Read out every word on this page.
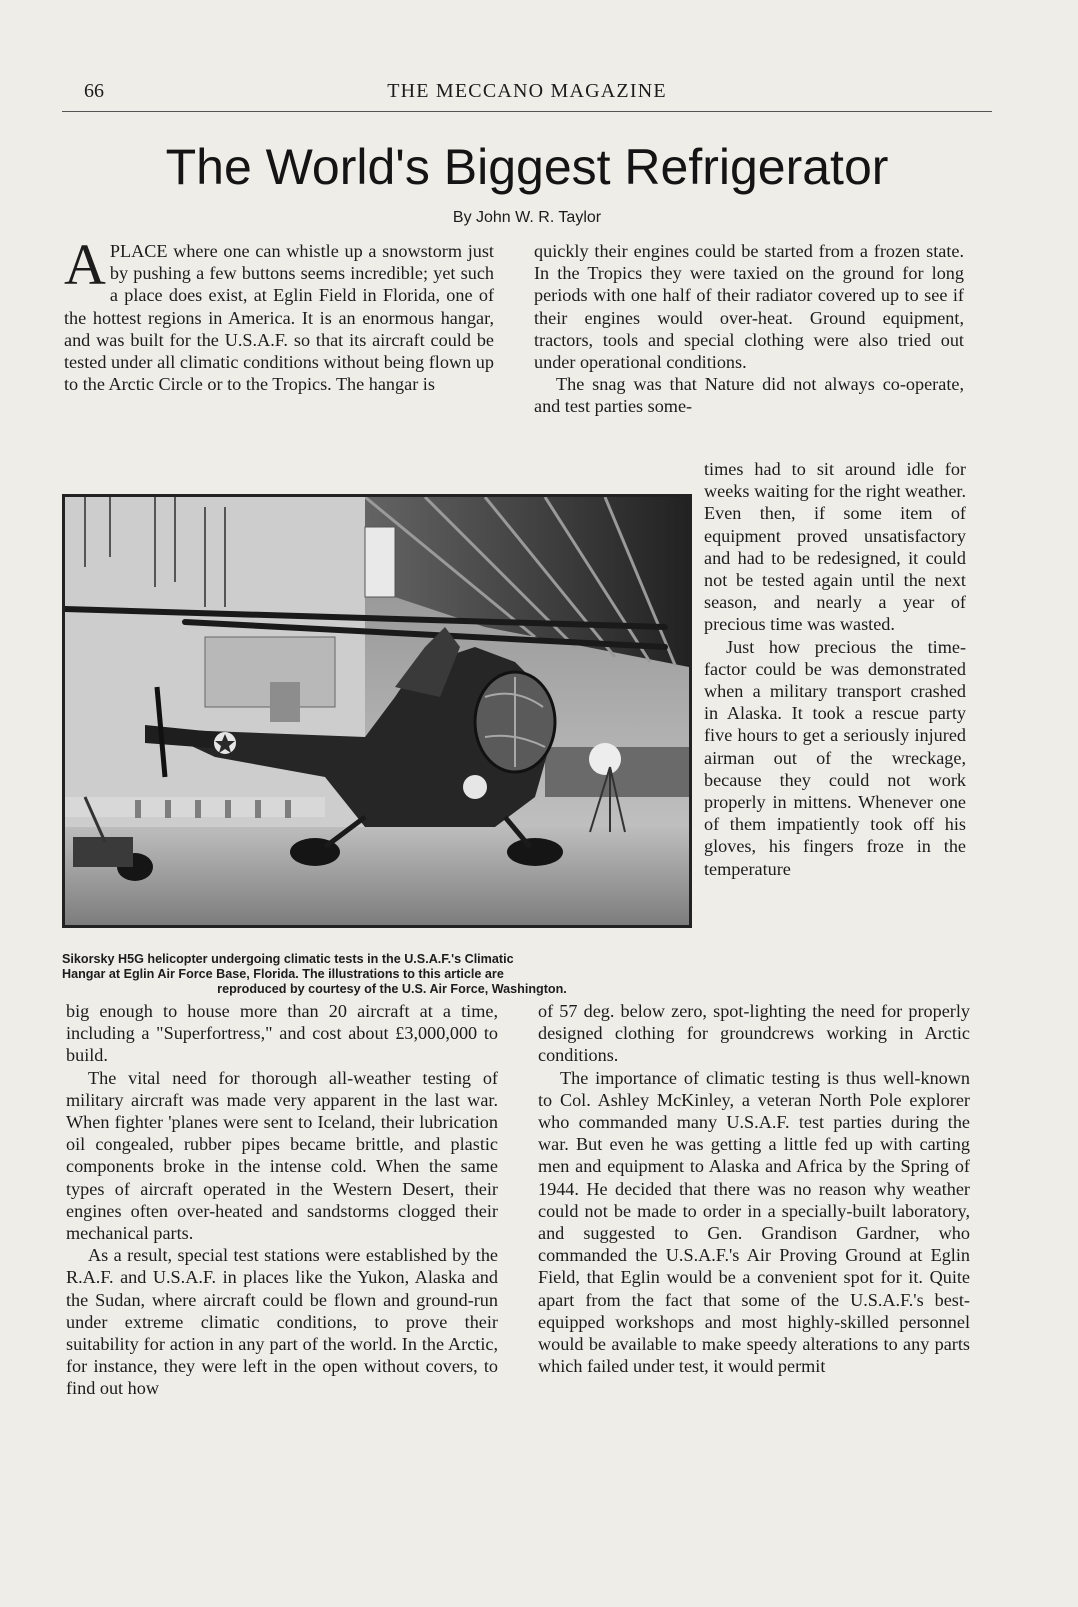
66	THE MECCANO MAGAZINE
The World's Biggest Refrigerator
By John W. R. Taylor

APLACE where one can whistle up a snowstorm just by pushing a few buttons seems incredible; yet such a place does exist, at Eglin Field in Florida, one of the hottest regions in America. It is an enormous hangar, and was built for the U.S.A.F. so that its aircraft could be tested under all climatic conditions without being flown up to the Arctic Circle or to the Tropics. The hangar is

quickly their engines could be started from a frozen state. In the Tropics they were taxied on the ground for long periods with one half of their radiator covered up to see if their engines would over-heat. Ground equipment, tractors, tools and special clothing were also tried out under operational conditions.

The snag was that Nature did not always co-operate, and test parties some-

times had to sit around idle for weeks waiting for the right weather. Even then, if some item of equipment proved unsatisfactory and had to be redesigned, it could not be tested again until the next season, and nearly a year of precious time was wasted.

Just how precious the time-factor could be was demonstrated when a military transport crashed in Alaska. It took a rescue party five hours to get a seriously injured airman out of the wreckage, because they could not work properly in mittens. Whenever one of them impatiently took off his gloves, his fingers froze in the temperature

Sikorsky H5G helicopter undergoing climatic tests in the U.S.A.F.'s Climatic
Hangar at Eglin Air Force Base, Florida. The illustrations to this article are
reproduced by courtesy of the U.S. Air Force, Washington.

big enough to house more than 20 aircraft at a time, including a "Superfortress," and cost about £3,000,000 to build.

The vital need for thorough all-weather testing of military aircraft was made very apparent in the last war. When fighter 'planes were sent to Iceland, their lubrication oil congealed, rubber pipes became brittle, and plastic components broke in the intense cold. When the same types of aircraft operated in the Western Desert, their engines often over-heated and sandstorms clogged their mechanical parts.

As a result, special test stations were established by the R.A.F. and U.S.A.F. in places like the Yukon, Alaska and the Sudan, where aircraft could be flown and ground-run under extreme climatic conditions, to prove their suitability for action in any part of the world. In the Arctic, for instance, they were left in the open without covers, to find out how

of 57 deg. below zero, spot-lighting the need for properly designed clothing for groundcrews working in Arctic conditions.

The importance of climatic testing is thus well-known to Col. Ashley McKinley, a veteran North Pole explorer who commanded many U.S.A.F. test parties during the war. But even he was getting a little fed up with carting men and equipment to Alaska and Africa by the Spring of 1944. He decided that there was no reason why weather could not be made to order in a specially-built laboratory, and suggested to Gen. Grandison Gardner, who commanded the U.S.A.F.'s Air Proving Ground at Eglin Field, that Eglin would be a convenient spot for it. Quite apart from the fact that some of the U.S.A.F.'s best-equipped workshops and most highly-skilled personnel would be available to make speedy alterations to any parts which failed under test, it would permit
